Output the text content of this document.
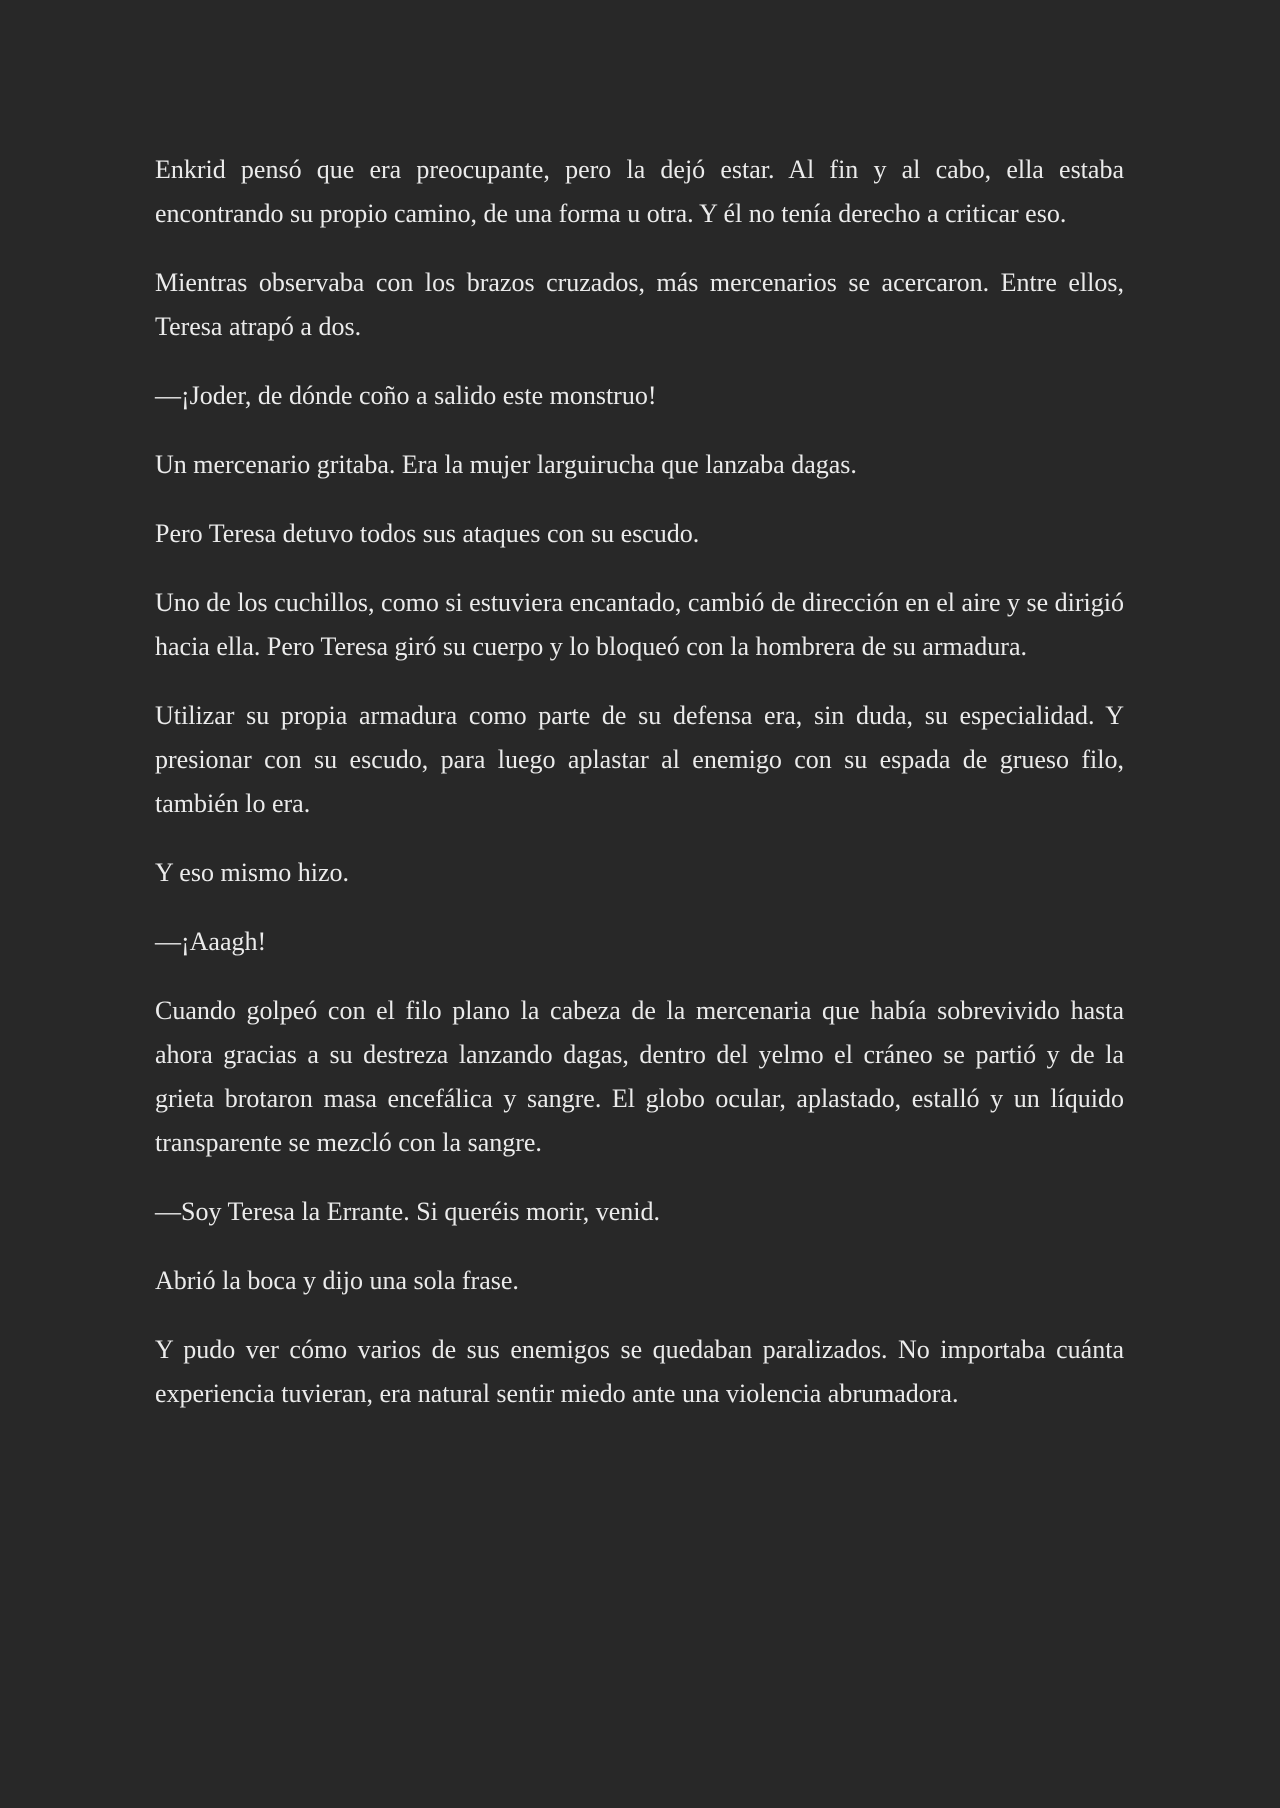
Enkrid pensó que era preocupante, pero la dejó estar. Al fin y al cabo, ella estaba encontrando su propio camino, de una forma u otra. Y él no tenía derecho a criticar eso.

Mientras observaba con los brazos cruzados, más mercenarios se acercaron. Entre ellos, Teresa atrapó a dos.

—¡Joder, de dónde coño a salido este monstruo!

Un mercenario gritaba. Era la mujer larguirucha que lanzaba dagas.

Pero Teresa detuvo todos sus ataques con su escudo.

Uno de los cuchillos, como si estuviera encantado, cambió de dirección en el aire y se dirigió hacia ella. Pero Teresa giró su cuerpo y lo bloqueó con la hombrera de su armadura.

Utilizar su propia armadura como parte de su defensa era, sin duda, su especialidad. Y presionar con su escudo, para luego aplastar al enemigo con su espada de grueso filo, también lo era.

Y eso mismo hizo.

—¡Aaagh!

Cuando golpeó con el filo plano la cabeza de la mercenaria que había sobrevivido hasta ahora gracias a su destreza lanzando dagas, dentro del yelmo el cráneo se partió y de la grieta brotaron masa encefálica y sangre. El globo ocular, aplastado, estalló y un líquido transparente se mezcló con la sangre.

—Soy Teresa la Errante. Si queréis morir, venid.

Abrió la boca y dijo una sola frase.

Y pudo ver cómo varios de sus enemigos se quedaban paralizados. No importaba cuánta experiencia tuvieran, era natural sentir miedo ante una violencia abrumadora.
